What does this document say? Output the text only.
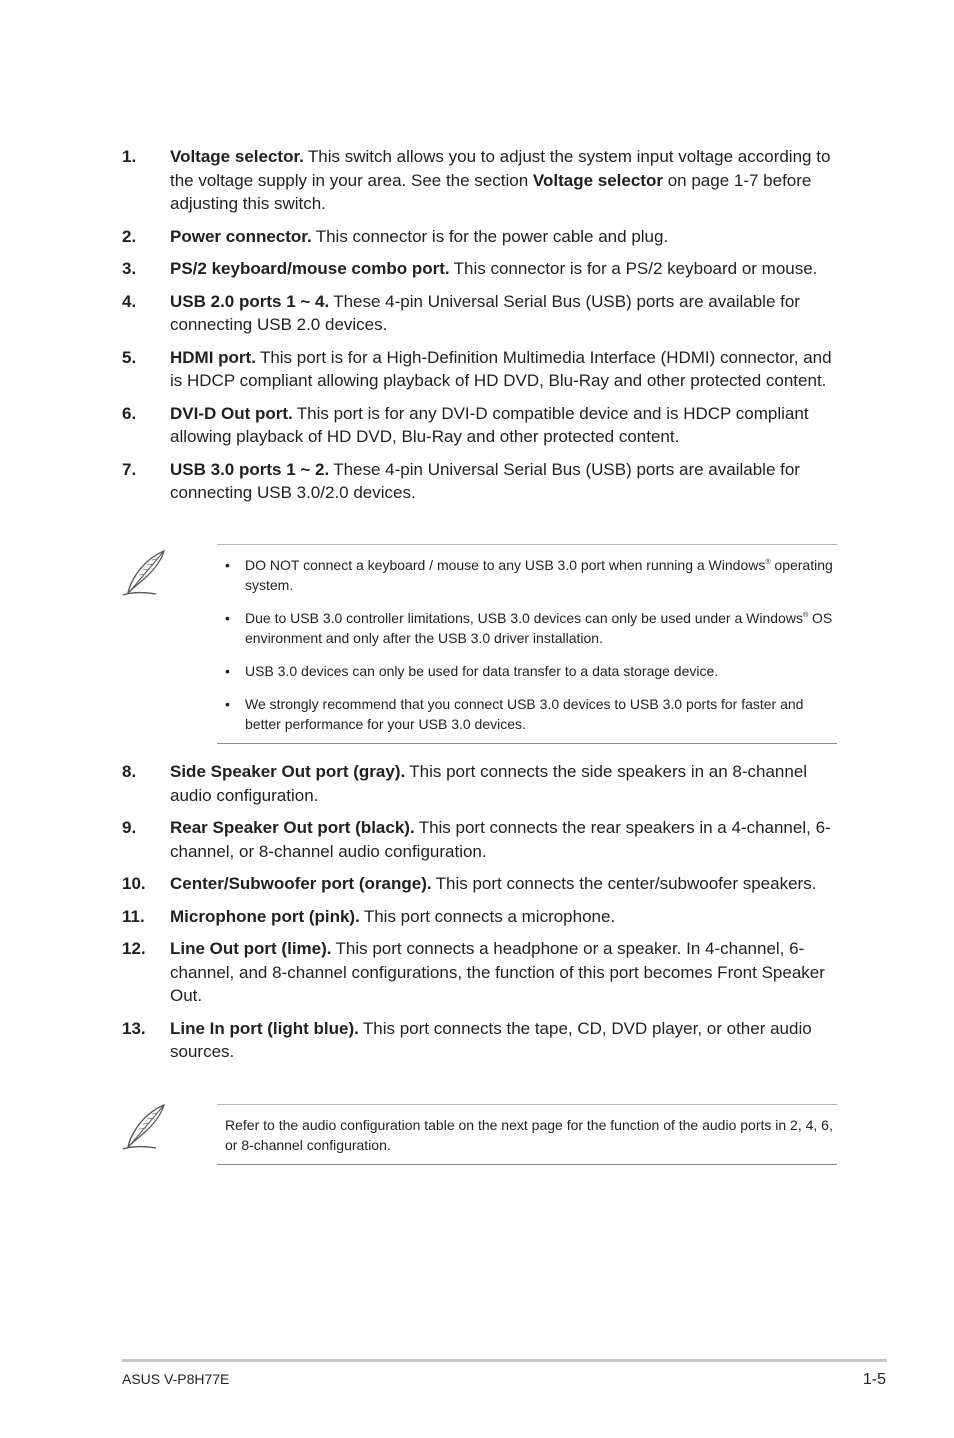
1. Voltage selector. This switch allows you to adjust the system input voltage according to the voltage supply in your area. See the section Voltage selector on page 1-7 before adjusting this switch.
2. Power connector. This connector is for the power cable and plug.
3. PS/2 keyboard/mouse combo port. This connector is for a PS/2 keyboard or mouse.
4. USB 2.0 ports 1 ~ 4. These 4-pin Universal Serial Bus (USB) ports are available for connecting USB 2.0 devices.
5. HDMI port. This port is for a High-Definition Multimedia Interface (HDMI) connector, and is HDCP compliant allowing playback of HD DVD, Blu-Ray and other protected content.
6. DVI-D Out port. This port is for any DVI-D compatible device and is HDCP compliant allowing playback of HD DVD, Blu-Ray and other protected content.
7. USB 3.0 ports 1 ~ 2. These 4-pin Universal Serial Bus (USB) ports are available for connecting USB 3.0/2.0 devices.
• DO NOT connect a keyboard / mouse to any USB 3.0 port when running a Windows® operating system.
• Due to USB 3.0 controller limitations, USB 3.0 devices can only be used under a Windows® OS environment and only after the USB 3.0 driver installation.
• USB 3.0 devices can only be used for data transfer to a data storage device.
• We strongly recommend that you connect USB 3.0 devices to USB 3.0 ports for faster and better performance for your USB 3.0 devices.
8. Side Speaker Out port (gray). This port connects the side speakers in an 8-channel audio configuration.
9. Rear Speaker Out port (black). This port connects the rear speakers in a 4-channel, 6-channel, or 8-channel audio configuration.
10. Center/Subwoofer port (orange). This port connects the center/subwoofer speakers.
11. Microphone port (pink). This port connects a microphone.
12. Line Out port (lime). This port connects a headphone or a speaker. In 4-channel, 6-channel, and 8-channel configurations, the function of this port becomes Front Speaker Out.
13. Line In port (light blue). This port connects the tape, CD, DVD player, or other audio sources.
Refer to the audio configuration table on the next page for the function of the audio ports in 2, 4, 6, or 8-channel configuration.
ASUS V-P8H77E	1-5
